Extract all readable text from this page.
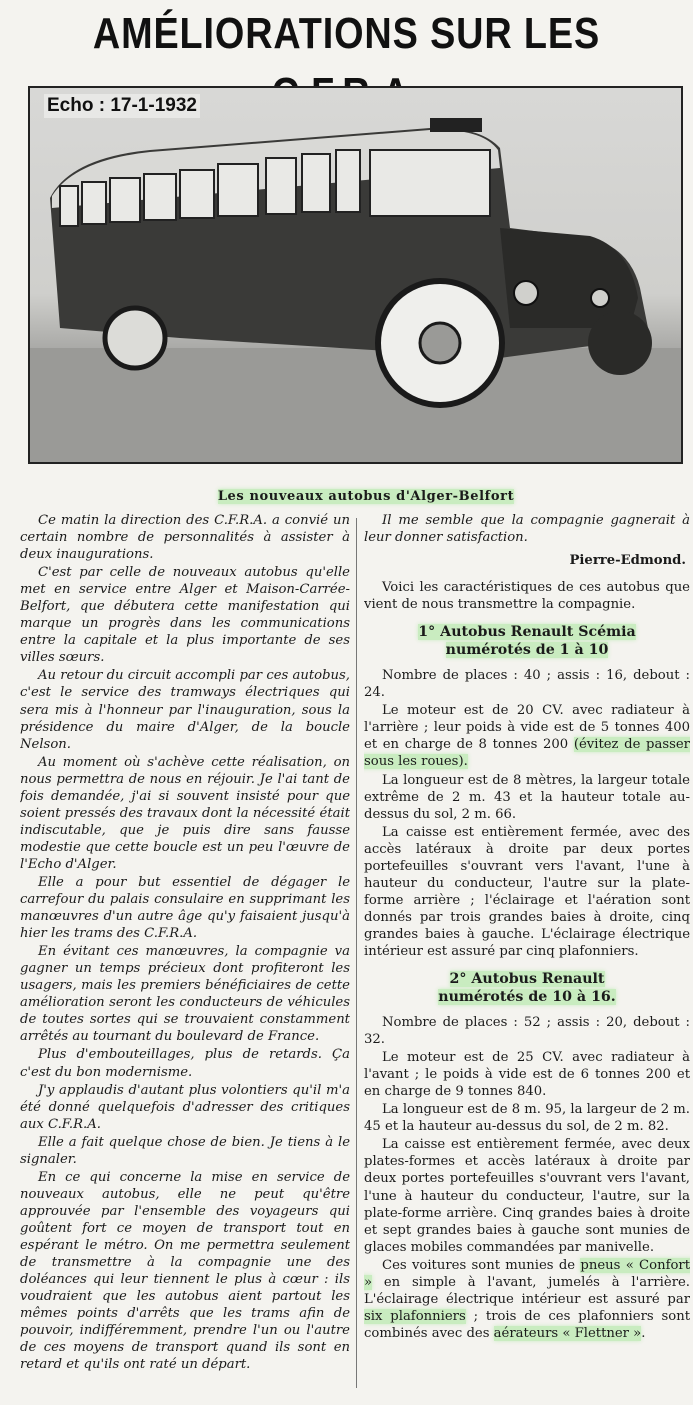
AMÉLIORATIONS SUR LES
Echo : 17-1-1932
Les nouveaux autobus d'Alger-Belfort

Ce matin la direction des C.F.R.A. a convié un certain nombre de personnalités à assister à deux inaugurations.

C'est par celle de nouveaux autobus qu'elle met en service entre Alger et Maison-Carrée-Belfort, que débutera cette manifestation qui marque un progrès dans les communications entre la capitale et la plus importante de ses villes sœurs.

Au retour du circuit accompli par ces autobus, c'est le service des tramways électriques qui sera mis à l'honneur par l'inauguration, sous la présidence du maire d'Alger, de la boucle Nelson.

Au moment où s'achève cette réalisation, on nous permettra de nous en réjouir. Je l'ai tant de fois demandée, j'ai si souvent insisté pour que soient pressés des travaux dont la nécessité était indiscutable, que je puis dire sans fausse modestie que cette boucle est un peu l'œuvre de l'Echo d'Alger.

Elle a pour but essentiel de dégager le carrefour du palais consulaire en supprimant les manœuvres d'un autre âge qu'y faisaient jusqu'à hier les trams des C.F.R.A.

En évitant ces manœuvres, la compagnie va gagner un temps précieux dont profiteront les usagers, mais les premiers bénéficiaires de cette amélioration seront les conducteurs de véhicules de toutes sortes qui se trouvaient constamment arrêtés au tournant du boulevard de France.

Plus d'embouteillages, plus de retards. Ça c'est du bon modernisme.

J'y applaudis d'autant plus volontiers qu'il m'a été donné quelquefois d'adresser des critiques aux C.F.R.A.

Elle a fait quelque chose de bien. Je tiens à le signaler.

En ce qui concerne la mise en service de nouveaux autobus, elle ne peut qu'être approuvée par l'ensemble des voyageurs qui goûtent fort ce moyen de transport tout en espérant le métro. On me permettra seulement de transmettre à la compagnie une des doléances qui leur tiennent le plus à cœur : ils voudraient que les autobus aient partout les mêmes points d'arrêts que les trams afin de pouvoir, indifféremment, prendre l'un ou l'autre de ces moyens de transport quand ils sont en retard et qu'ils ont raté un départ.

Il me semble que la compagnie gagnerait à leur donner satisfaction.

Pierre-Edmond.

Voici les caractéristiques de ces autobus que vient de nous transmettre la compagnie.

1° Autobus Renault Scémia
numérotés de 1 à 10

Nombre de places : 40 ; assis : 16, debout : 24.

Le moteur est de 20 CV. avec radiateur à l'arrière ; leur poids à vide est de 5 tonnes 400 et en charge de 8 tonnes 200 (évitez de passer sous les roues).

La longueur est de 8 mètres, la largeur totale extrême de 2 m. 43 et la hauteur totale au-dessus du sol, 2 m. 66.

La caisse est entièrement fermée, avec des accès latéraux à droite par deux portes portefeuilles s'ouvrant vers l'avant, l'une à hauteur du conducteur, l'autre sur la plate-forme arrière ; l'éclairage et l'aération sont donnés par trois grandes baies à droite, cinq grandes baies à gauche. L'éclairage électrique intérieur est assuré par cinq plafonniers.

2° Autobus Renault
numérotés de 10 à 16.

Nombre de places : 52 ; assis : 20, debout : 32.

Le moteur est de 25 CV. avec radiateur à l'avant ; le poids à vide est de 6 tonnes 200 et en charge de 9 tonnes 840.

La longueur est de 8 m. 95, la largeur de 2 m. 45 et la hauteur au-dessus du sol, de 2 m. 82.

La caisse est entièrement fermée, avec deux plates-formes et accès latéraux à droite par deux portes portefeuilles s'ouvrant vers l'avant, l'une à hauteur du conducteur, l'autre, sur la plate-forme arrière. Cinq grandes baies à droite et sept grandes baies à gauche sont munies de glaces mobiles commandées par manivelle.

Ces voitures sont munies de pneus « Confort » en simple à l'avant, jumelés à l'arrière. L'éclairage électrique intérieur est assuré par six plafonniers ; trois de ces plafonniers sont combinés avec des aérateurs « Flettner ».
